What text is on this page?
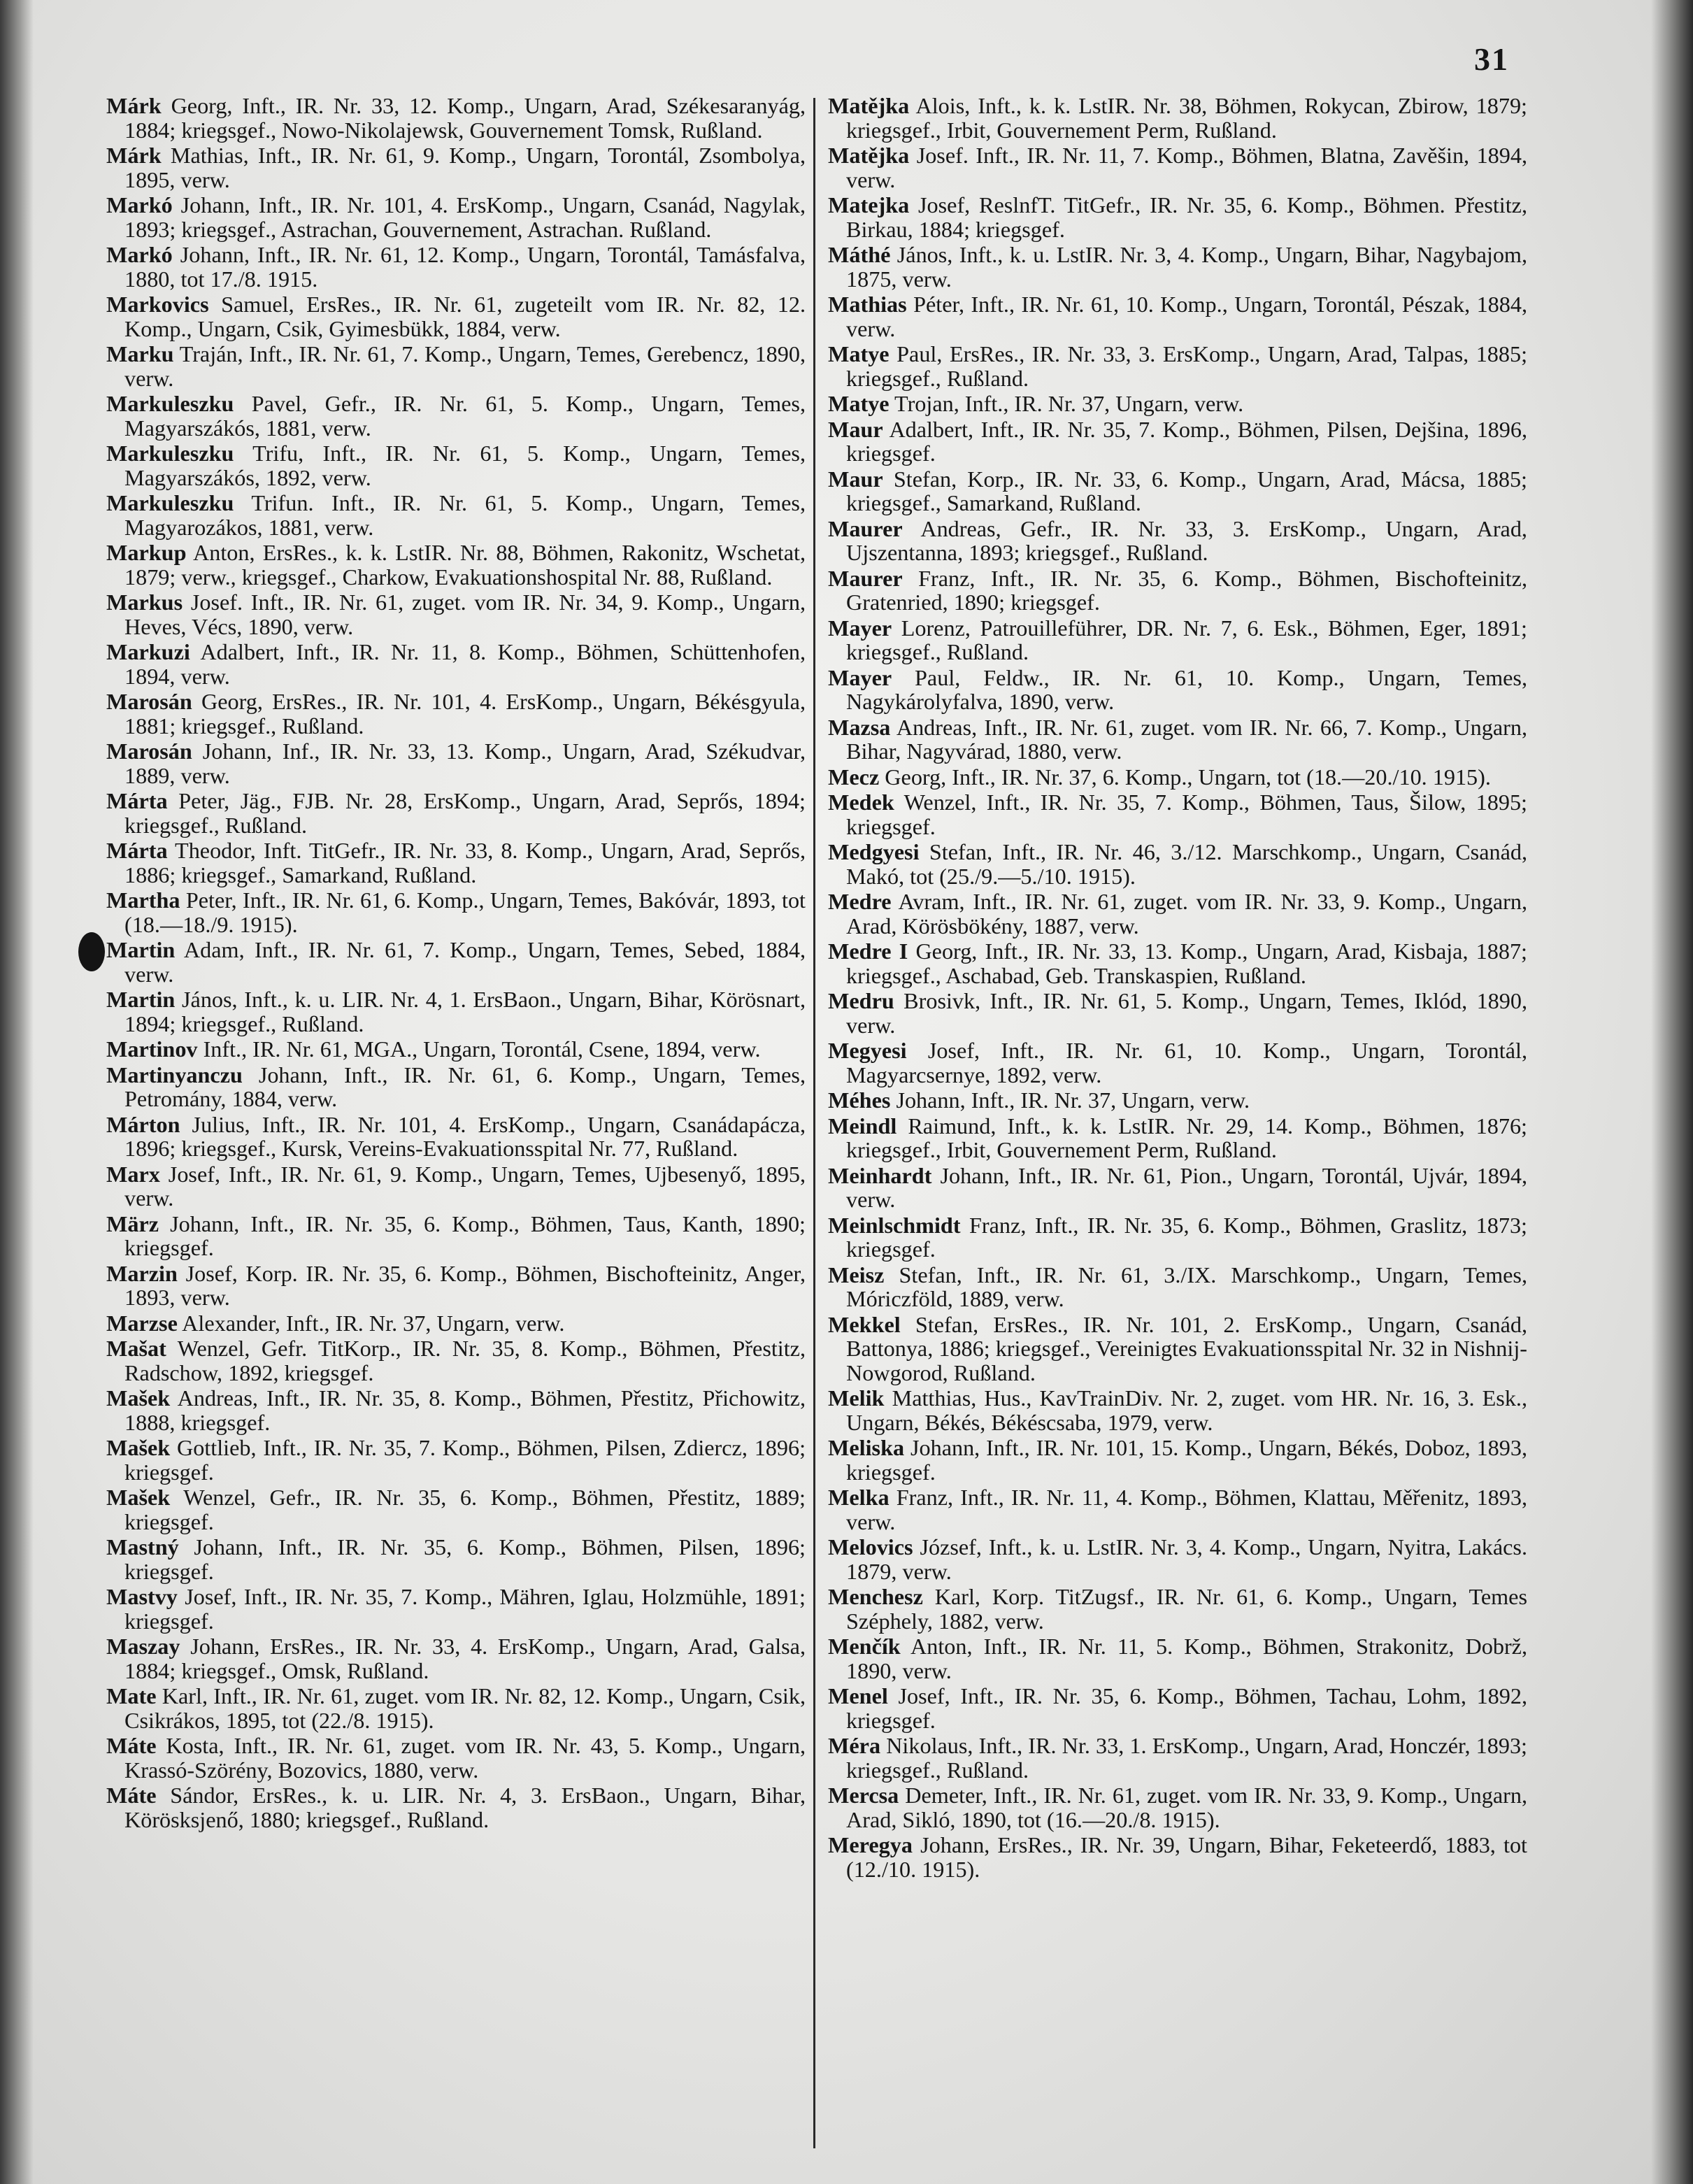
31

Márk Georg, Inft., IR. Nr. 33, 12. Komp., Ungarn, Arad, Székesaranyág, 1884; kriegsgef., Nowo-Nikolajewsk, Gouvernement Tomsk, Rußland.

Márk Mathias, Inft., IR. Nr. 61, 9. Komp., Ungarn, Torontál, Zsombolya, 1895, verw.

Markó Johann, Inft., IR. Nr. 101, 4. ErsKomp., Ungarn, Csanád, Nagylak, 1893; kriegsgef., Astrachan, Gouvernement, Astrachan. Rußland.

Markó Johann, Inft., IR. Nr. 61, 12. Komp., Ungarn, Torontál, Tamásfalva, 1880, tot 17./8. 1915.

Markovics Samuel, ErsRes., IR. Nr. 61, zugeteilt vom IR. Nr. 82, 12. Komp., Ungarn, Csik, Gyimesbükk, 1884, verw.

Marku Traján, Inft., IR. Nr. 61, 7. Komp., Ungarn, Temes, Gerebencz, 1890, verw.

Markuleszku Pavel, Gefr., IR. Nr. 61, 5. Komp., Ungarn, Temes, Magyarszákós, 1881, verw.

Markuleszku Trifu, Inft., IR. Nr. 61, 5. Komp., Ungarn, Temes, Magyarszákós, 1892, verw.

Markuleszku Trifun. Inft., IR. Nr. 61, 5. Komp., Ungarn, Temes, Magyarozákos, 1881, verw.

Markup Anton, ErsRes., k. k. LstIR. Nr. 88, Böhmen, Rakonitz, Wschetat, 1879; verw., kriegsgef., Charkow, Evakuationshospital Nr. 88, Rußland.

Markus Josef. Inft., IR. Nr. 61, zuget. vom IR. Nr. 34, 9. Komp., Ungarn, Heves, Vécs, 1890, verw.

Markuzi Adalbert, Inft., IR. Nr. 11, 8. Komp., Böhmen, Schüttenhofen, 1894, verw.

Marosán Georg, ErsRes., IR. Nr. 101, 4. ErsKomp., Ungarn, Békésgyula, 1881; kriegsgef., Rußland.

Marosán Johann, Inf., IR. Nr. 33, 13. Komp., Ungarn, Arad, Székudvar, 1889, verw.

Márta Peter, Jäg., FJB. Nr. 28, ErsKomp., Ungarn, Arad, Seprős, 1894; kriegsgef., Rußland.

Márta Theodor, Inft. TitGefr., IR. Nr. 33, 8. Komp., Ungarn, Arad, Seprős, 1886; kriegsgef., Samarkand, Rußland.

Martha Peter, Inft., IR. Nr. 61, 6. Komp., Ungarn, Temes, Bakóvár, 1893, tot (18.—18./9. 1915).

Martin Adam, Inft., IR. Nr. 61, 7. Komp., Ungarn, Temes, Sebed, 1884, verw.

Martin János, Inft., k. u. LIR. Nr. 4, 1. ErsBaon., Ungarn, Bihar, Körösnart, 1894; kriegsgef., Rußland.

Martinov Inft., IR. Nr. 61, MGA., Ungarn, Torontál, Csene, 1894, verw.

Martinyanczu Johann, Inft., IR. Nr. 61, 6. Komp., Ungarn, Temes, Petromány, 1884, verw.

Márton Julius, Inft., IR. Nr. 101, 4. ErsKomp., Ungarn, Csanádapácza, 1896; kriegsgef., Kursk, Vereins-Evakuationsspital Nr. 77, Rußland.

Marx Josef, Inft., IR. Nr. 61, 9. Komp., Ungarn, Temes, Ujbesenyő, 1895, verw.

März Johann, Inft., IR. Nr. 35, 6. Komp., Böhmen, Taus, Kanth, 1890; kriegsgef.

Marzin Josef, Korp. IR. Nr. 35, 6. Komp., Böhmen, Bischofteinitz, Anger, 1893, verw.

Marzse Alexander, Inft., IR. Nr. 37, Ungarn, verw.

Mašat Wenzel, Gefr. TitKorp., IR. Nr. 35, 8. Komp., Böhmen, Přestitz, Radschow, 1892, kriegsgef.

Mašek Andreas, Inft., IR. Nr. 35, 8. Komp., Böhmen, Přestitz, Přichowitz, 1888, kriegsgef.

Mašek Gottlieb, Inft., IR. Nr. 35, 7. Komp., Böhmen, Pilsen, Zdiercz, 1896; kriegsgef.

Mašek Wenzel, Gefr., IR. Nr. 35, 6. Komp., Böhmen, Přestitz, 1889; kriegsgef.

Mastný Johann, Inft., IR. Nr. 35, 6. Komp., Böhmen, Pilsen, 1896; kriegsgef.

Mastvy Josef, Inft., IR. Nr. 35, 7. Komp., Mähren, Iglau, Holzmühle, 1891; kriegsgef.

Maszay Johann, ErsRes., IR. Nr. 33, 4. ErsKomp., Ungarn, Arad, Galsa, 1884; kriegsgef., Omsk, Rußland.

Mate Karl, Inft., IR. Nr. 61, zuget. vom IR. Nr. 82, 12. Komp., Ungarn, Csik, Csikrákos, 1895, tot (22./8. 1915).

Máte Kosta, Inft., IR. Nr. 61, zuget. vom IR. Nr. 43, 5. Komp., Ungarn, Krassó-Szörény, Bozovics, 1880, verw.

Máte Sándor, ErsRes., k. u. LIR. Nr. 4, 3. ErsBaon., Ungarn, Bihar, Körösksjenő, 1880; kriegsgef., Rußland.

Matějka Alois, Inft., k. k. LstIR. Nr. 38, Böhmen, Rokycan, Zbirow, 1879; kriegsgef., Irbit, Gouvernement Perm, Rußland.

Matějka Josef. Inft., IR. Nr. 11, 7. Komp., Böhmen, Blatna, Zavěšin, 1894, verw.

Matejka Josef, ReslnfT. TitGefr., IR. Nr. 35, 6. Komp., Böhmen. Přestitz, Birkau, 1884; kriegsgef.

Máthé János, Inft., k. u. LstIR. Nr. 3, 4. Komp., Ungarn, Bihar, Nagybajom, 1875, verw.

Mathias Péter, Inft., IR. Nr. 61, 10. Komp., Ungarn, Torontál, Pészak, 1884, verw.

Matye Paul, ErsRes., IR. Nr. 33, 3. ErsKomp., Ungarn, Arad, Talpas, 1885; kriegsgef., Rußland.

Matye Trojan, Inft., IR. Nr. 37, Ungarn, verw.

Maur Adalbert, Inft., IR. Nr. 35, 7. Komp., Böhmen, Pilsen, Dejšina, 1896, kriegsgef.

Maur Stefan, Korp., IR. Nr. 33, 6. Komp., Ungarn, Arad, Mácsa, 1885; kriegsgef., Samarkand, Rußland.

Maurer Andreas, Gefr., IR. Nr. 33, 3. ErsKomp., Ungarn, Arad, Ujszentanna, 1893; kriegsgef., Rußland.

Maurer Franz, Inft., IR. Nr. 35, 6. Komp., Böhmen, Bischofteinitz, Gratenried, 1890; kriegsgef.

Mayer Lorenz, Patrouilleführer, DR. Nr. 7, 6. Esk., Böhmen, Eger, 1891; kriegsgef., Rußland.

Mayer Paul, Feldw., IR. Nr. 61, 10. Komp., Ungarn, Temes, Nagykárolyfalva, 1890, verw.

Mazsa Andreas, Inft., IR. Nr. 61, zuget. vom IR. Nr. 66, 7. Komp., Ungarn, Bihar, Nagyvárad, 1880, verw.

Mecz Georg, Inft., IR. Nr. 37, 6. Komp., Ungarn, tot (18.—20./10. 1915).

Medek Wenzel, Inft., IR. Nr. 35, 7. Komp., Böhmen, Taus, Šilow, 1895; kriegsgef.

Medgyesi Stefan, Inft., IR. Nr. 46, 3./12. Marschkomp., Ungarn, Csanád, Makó, tot (25./9.—5./10. 1915).

Medre Avram, Inft., IR. Nr. 61, zuget. vom IR. Nr. 33, 9. Komp., Ungarn, Arad, Körösbökény, 1887, verw.

Medre I Georg, Inft., IR. Nr. 33, 13. Komp., Ungarn, Arad, Kisbaja, 1887; kriegsgef., Aschabad, Geb. Transkaspien, Rußland.

Medru Brosivk, Inft., IR. Nr. 61, 5. Komp., Ungarn, Temes, Iklód, 1890, verw.

Megyesi Josef, Inft., IR. Nr. 61, 10. Komp., Ungarn, Torontál, Magyarcsernye, 1892, verw.

Méhes Johann, Inft., IR. Nr. 37, Ungarn, verw.

Meindl Raimund, Inft., k. k. LstIR. Nr. 29, 14. Komp., Böhmen, 1876; kriegsgef., Irbit, Gouvernement Perm, Rußland.

Meinhardt Johann, Inft., IR. Nr. 61, Pion., Ungarn, Torontál, Ujvár, 1894, verw.

Meinlschmidt Franz, Inft., IR. Nr. 35, 6. Komp., Böhmen, Graslitz, 1873; kriegsgef.

Meisz Stefan, Inft., IR. Nr. 61, 3./IX. Marschkomp., Ungarn, Temes, Móriczföld, 1889, verw.

Mekkel Stefan, ErsRes., IR. Nr. 101, 2. ErsKomp., Ungarn, Csanád, Battonya, 1886; kriegsgef., Vereinigtes Evakuationsspital Nr. 32 in Nishnij-Nowgorod, Rußland.

Melik Matthias, Hus., KavTrainDiv. Nr. 2, zuget. vom HR. Nr. 16, 3. Esk., Ungarn, Békés, Békéscsaba, 1979, verw.

Meliska Johann, Inft., IR. Nr. 101, 15. Komp., Ungarn, Békés, Doboz, 1893, kriegsgef.

Melka Franz, Inft., IR. Nr. 11, 4. Komp., Böhmen, Klattau, Měřenitz, 1893, verw.

Melovics József, Inft., k. u. LstIR. Nr. 3, 4. Komp., Ungarn, Nyitra, Lakács. 1879, verw.

Menchesz Karl, Korp. TitZugsf., IR. Nr. 61, 6. Komp., Ungarn, Temes Széphely, 1882, verw.

Menčík Anton, Inft., IR. Nr. 11, 5. Komp., Böhmen, Strakonitz, Dobrž, 1890, verw.

Menel Josef, Inft., IR. Nr. 35, 6. Komp., Böhmen, Tachau, Lohm, 1892, kriegsgef.

Méra Nikolaus, Inft., IR. Nr. 33, 1. ErsKomp., Ungarn, Arad, Honczér, 1893; kriegsgef., Rußland.

Mercsa Demeter, Inft., IR. Nr. 61, zuget. vom IR. Nr. 33, 9. Komp., Ungarn, Arad, Sikló, 1890, tot (16.—20./8. 1915).

Meregya Johann, ErsRes., IR. Nr. 39, Ungarn, Bihar, Feketeerdő, 1883, tot (12./10. 1915).
